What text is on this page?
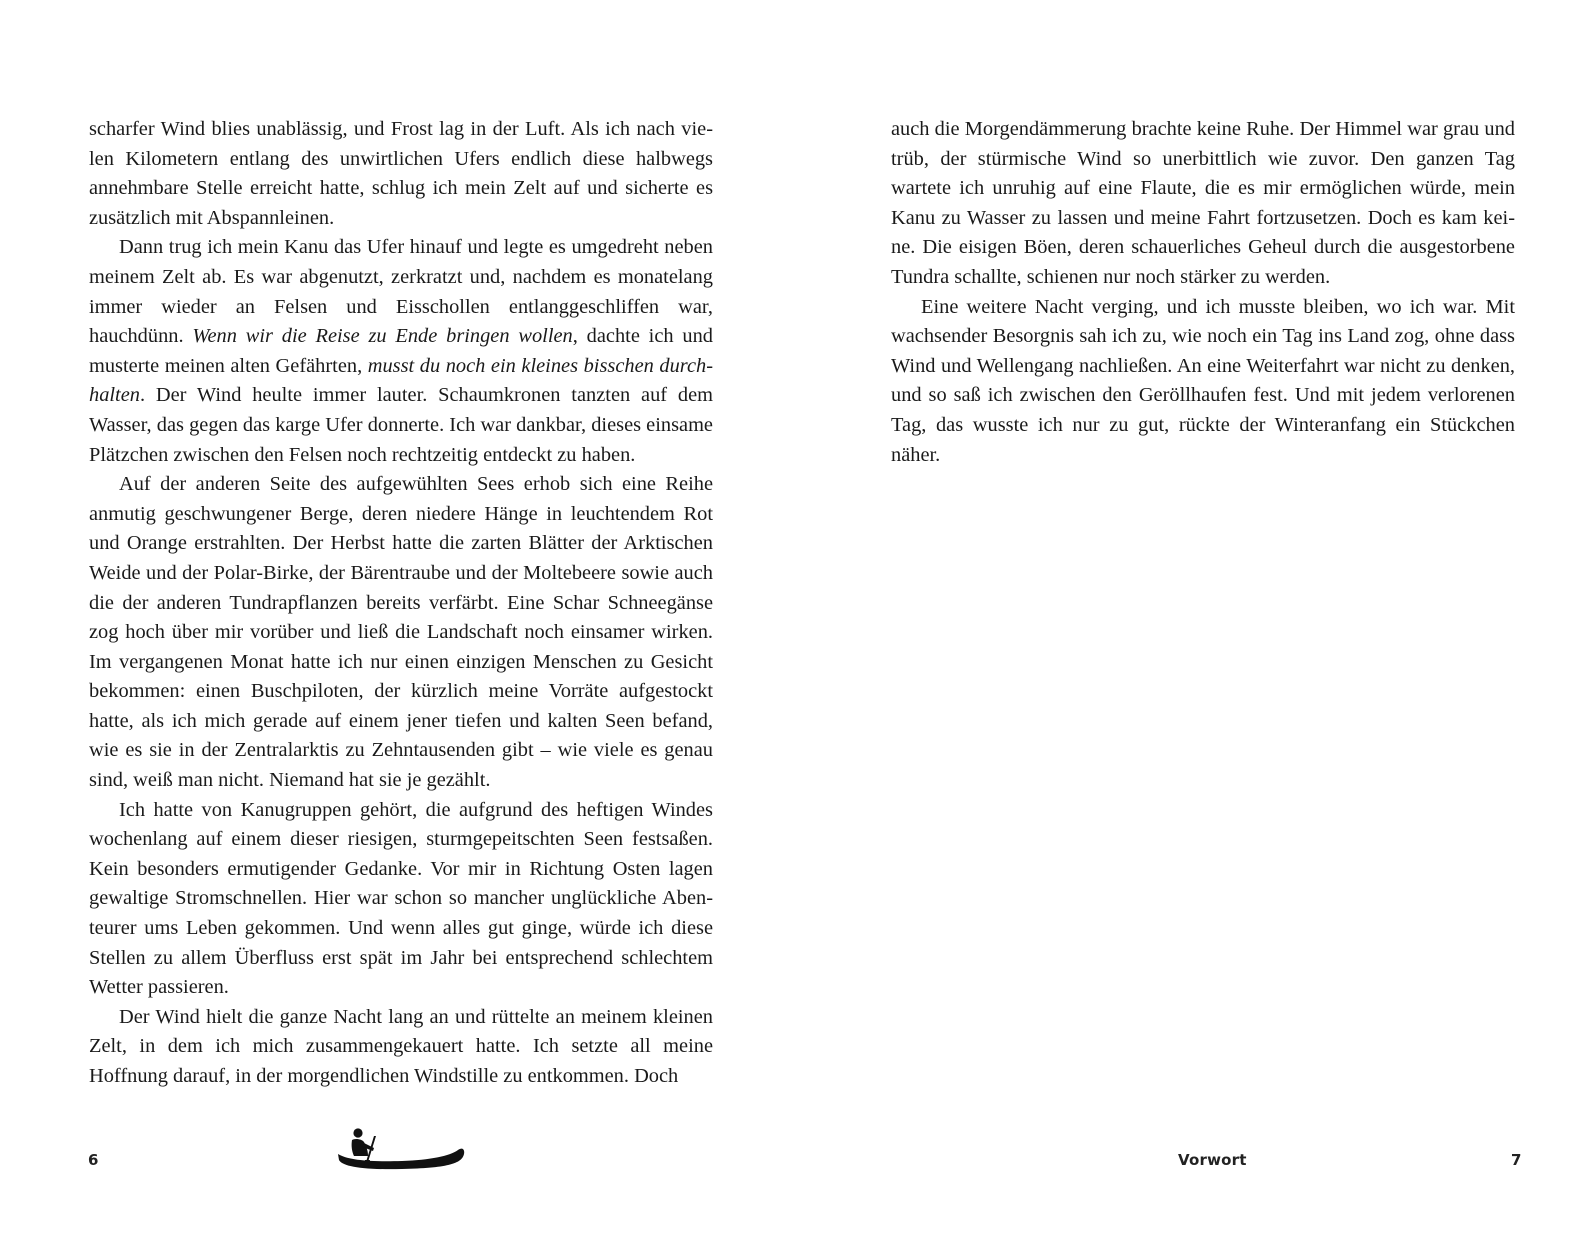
scharfer Wind blies unablässig, und Frost lag in der Luft. Als ich nach vielen Kilometern entlang des unwirtlichen Ufers endlich diese halbwegs annehmbare Stelle erreicht hatte, schlug ich mein Zelt auf und sicherte es zusätzlich mit Abspannleinen.

Dann trug ich mein Kanu das Ufer hinauf und legte es umgedreht neben meinem Zelt ab. Es war abgenutzt, zerkratzt und, nachdem es monatelang immer wieder an Felsen und Eisschollen entlanggeschliffen war, hauchdünn. Wenn wir die Reise zu Ende bringen wollen, dachte ich und musterte meinen alten Gefährten, musst du noch ein kleines bisschen durchhalten. Der Wind heulte immer lauter. Schaumkronen tanzten auf dem Wasser, das gegen das karge Ufer donnerte. Ich war dankbar, dieses einsame Plätzchen zwischen den Felsen noch rechtzeitig entdeckt zu haben.

Auf der anderen Seite des aufgewühlten Sees erhob sich eine Reihe anmutig geschwungener Berge, deren niedere Hänge in leuchtendem Rot und Orange erstrahlten. Der Herbst hatte die zarten Blätter der Arktischen Weide und der Polar-Birke, der Bärentraube und der Moltebeere sowie auch die der anderen Tundrapflanzen bereits verfärbt. Eine Schar Schneegänse zog hoch über mir vorüber und ließ die Landschaft noch einsamer wirken. Im vergangenen Monat hatte ich nur einen einzigen Menschen zu Gesicht bekommen: einen Buschpiloten, der kürzlich meine Vorräte aufgestockt hatte, als ich mich gerade auf einem jener tiefen und kalten Seen befand, wie es sie in der Zentralarktis zu Zehntausenden gibt – wie viele es genau sind, weiß man nicht. Niemand hat sie je gezählt.

Ich hatte von Kanugruppen gehört, die aufgrund des heftigen Windes wochenlang auf einem dieser riesigen, sturmgepeitschten Seen festsaßen. Kein besonders ermutigender Gedanke. Vor mir in Richtung Osten lagen gewaltige Stromschnellen. Hier war schon so mancher unglückliche Abenteurer ums Leben gekommen. Und wenn alles gut ginge, würde ich diese Stellen zu allem Überfluss erst spät im Jahr bei entsprechend schlechtem Wetter passieren.

Der Wind hielt die ganze Nacht lang an und rüttelte an meinem kleinen Zelt, in dem ich mich zusammengekauert hatte. Ich setzte all meine Hoffnung darauf, in der morgendlichen Windstille zu entkommen. Doch

6

auch die Morgendämmerung brachte keine Ruhe. Der Himmel war grau und trüb, der stürmische Wind so unerbittlich wie zuvor. Den ganzen Tag wartete ich unruhig auf eine Flaute, die es mir ermöglichen würde, mein Kanu zu Wasser zu lassen und meine Fahrt fortzusetzen. Doch es kam keine. Die eisigen Böen, deren schauerliches Geheul durch die ausgestorbene Tundra schallte, schienen nur noch stärker zu werden.

Eine weitere Nacht verging, und ich musste bleiben, wo ich war. Mit wachsender Besorgnis sah ich zu, wie noch ein Tag ins Land zog, ohne dass Wind und Wellengang nachließen. An eine Weiterfahrt war nicht zu denken, und so saß ich zwischen den Geröllhaufen fest. Und mit jedem verlorenen Tag, das wusste ich nur zu gut, rückte der Winteranfang ein Stückchen näher.

Vorwort	7
